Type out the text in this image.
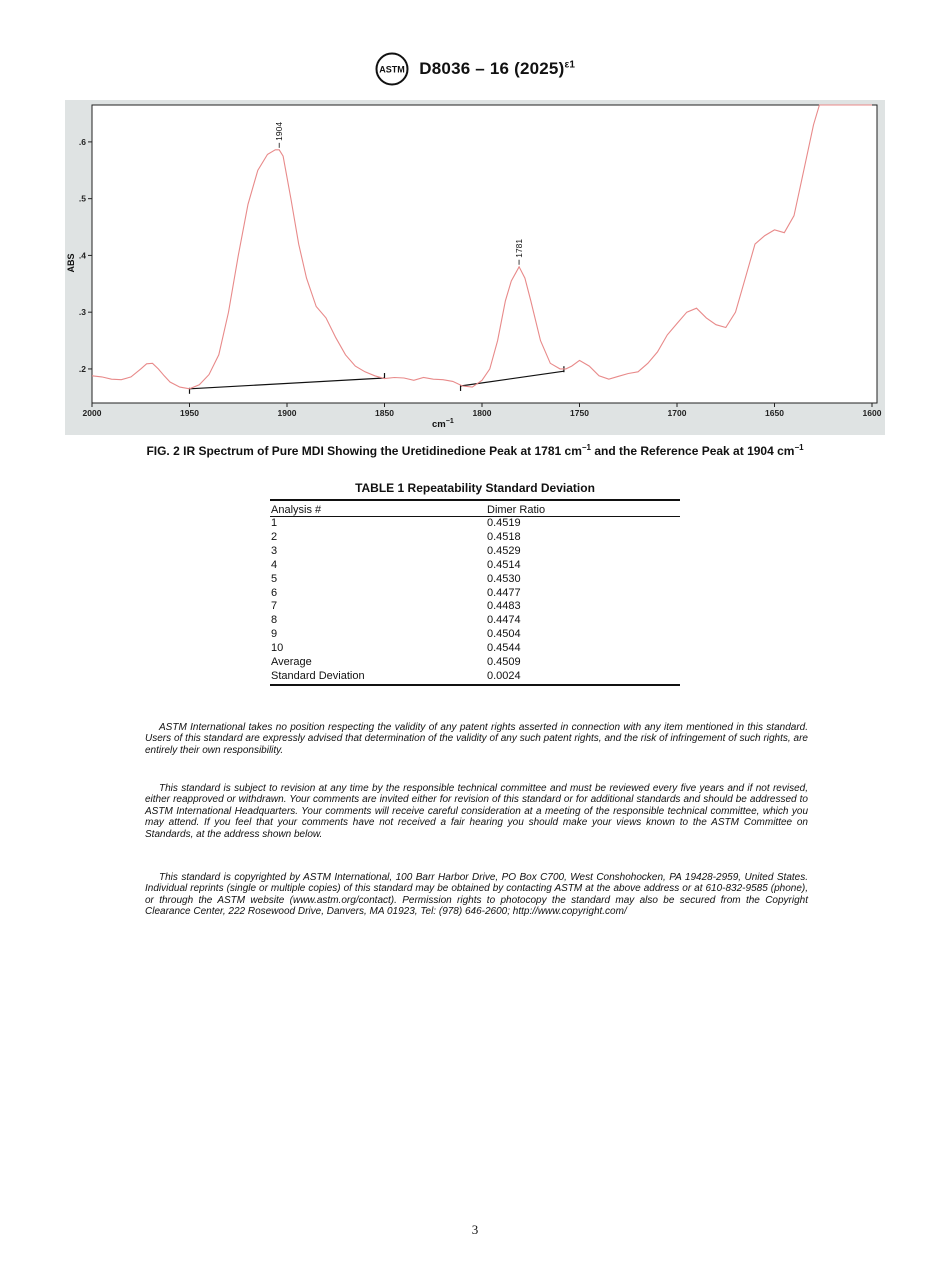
ASTM D8036 – 16 $(2025)^{\varepsilon 1}$
2000	1950	1900	1850	1800	1750	1700	1650	1600
.2
.3
.4
.5
.6
1904
1781
$cm^{-1}$
ABS
FIG. 2 IR Spectrum of Pure MDI Showing the Uretidinedione Peak at 1781 $cm^{-1}$ and the Reference Peak at 1904 $cm^{-1}$
TABLE 1 Repeatability Standard Deviation
Analysis #	Dimer Ratio
1	0.4519
2	0.4518
3	0.4529
4	0.4514
5	0.4530
6	0.4477
7	0.4483
8	0.4474
9	0.4504
10	0.4544
Average	0.4509
Standard Deviation	0.0024

ASTM International takes no position respecting the validity of any patent rights asserted in connection with any item mentioned in this standard. Users of this standard are expressly advised that determination of the validity of any such patent rights, and the risk of infringement of such rights, are entirely their own responsibility.

This standard is subject to revision at any time by the responsible technical committee and must be reviewed every five years and if not revised, either reapproved or withdrawn. Your comments are invited either for revision of this standard or for additional standards and should be addressed to ASTM International Headquarters. Your comments will receive careful consideration at a meeting of the responsible technical committee, which you may attend. If you feel that your comments have not received a fair hearing you should make your views known to the ASTM Committee on Standards, at the address shown below.

This standard is copyrighted by ASTM International, 100 Barr Harbor Drive, PO Box C700, West Conshohocken, PA 19428-2959, United States. Individual reprints (single or multiple copies) of this standard may be obtained by contacting ASTM at the above address or at 610-832-9585 (phone), or through the ASTM website (www.astm.org/contact). Permission rights to photocopy the standard may also be secured from the Copyright Clearance Center, 222 Rosewood Drive, Danvers, MA 01923, Tel: (978) 646-2600; http://www.copyright.com/

3
